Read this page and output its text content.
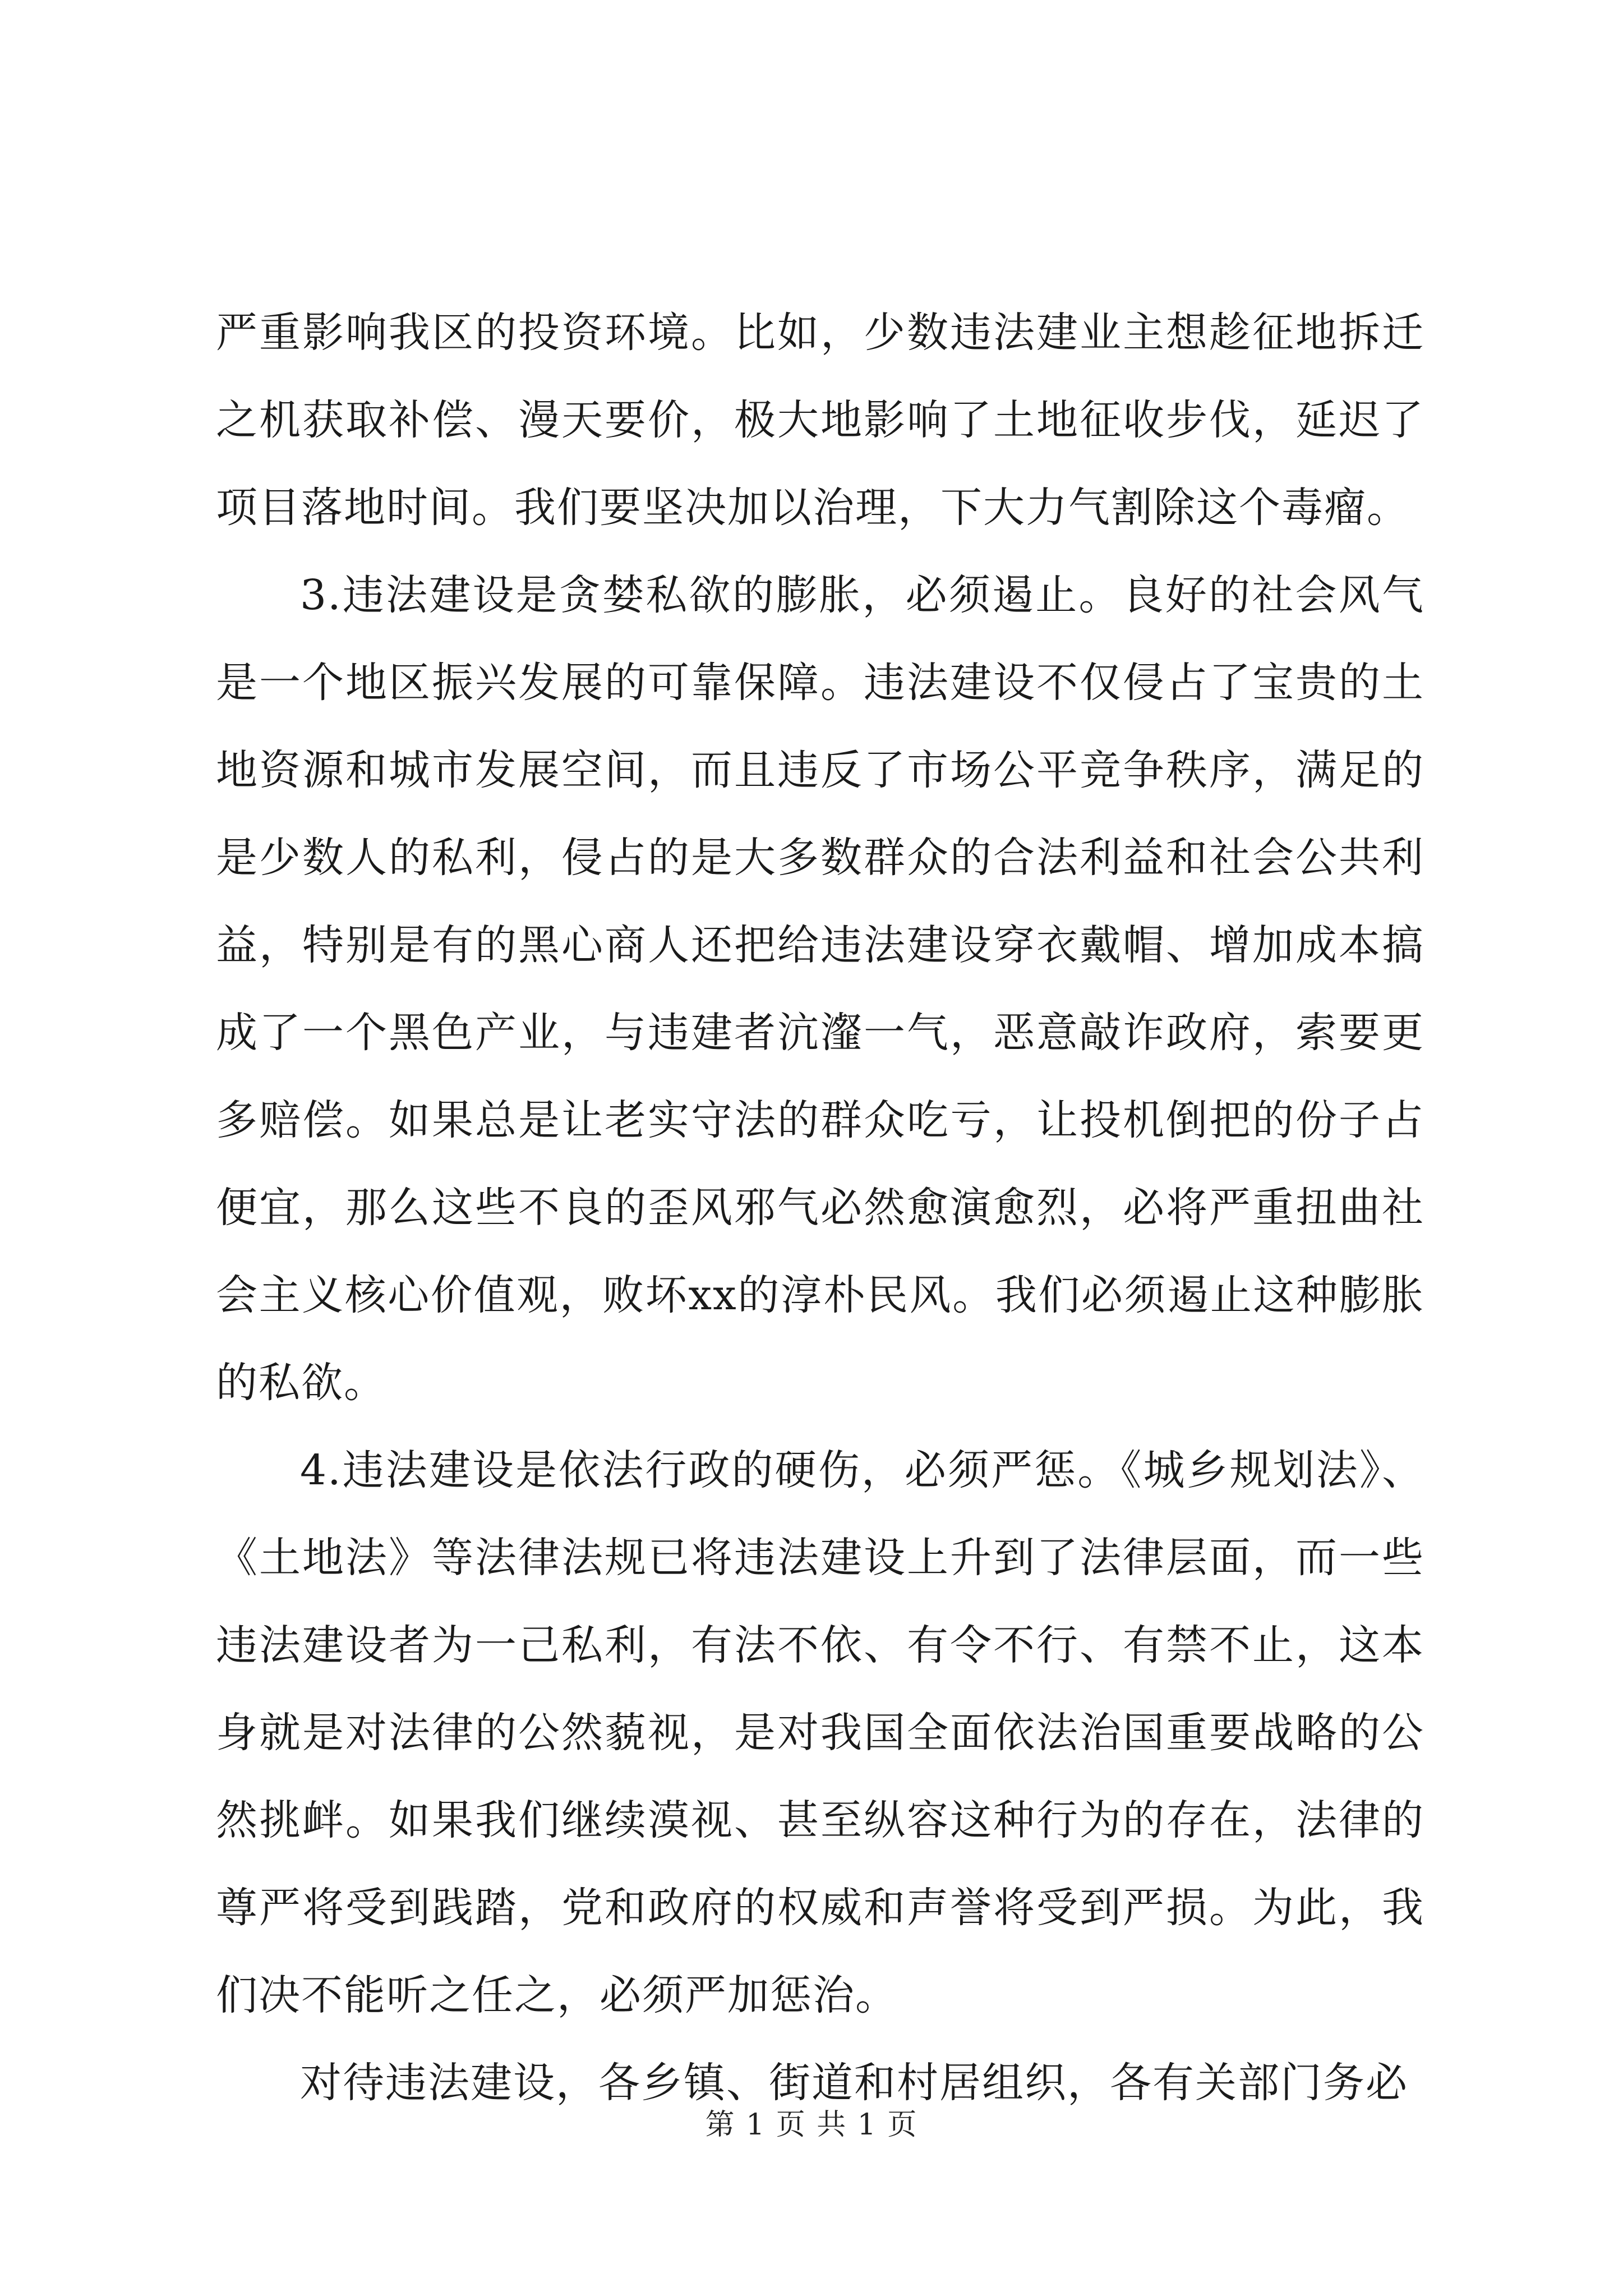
严重影响我区的投资环境。比如，少数违法建业主想趁征地拆迁之机获取补偿、漫天要价，极大地影响了土地征收步伐，延迟了项目落地时间。我们要坚决加以治理，下大力气割除这个毒瘤。

3.违法建设是贪婪私欲的膨胀，必须遏止。良好的社会风气是一个地区振兴发展的可靠保障。违法建设不仅侵占了宝贵的土地资源和城市发展空间，而且违反了市场公平竞争秩序，满足的是少数人的私利，侵占的是大多数群众的合法利益和社会公共利益，特别是有的黑心商人还把给违法建设穿衣戴帽、增加成本搞成了一个黑色产业，与违建者沆瀣一气，恶意敲诈政府，索要更多赔偿。如果总是让老实守法的群众吃亏，让投机倒把的份子占便宜，那么这些不良的歪风邪气必然愈演愈烈，必将严重扭曲社会主义核心价值观，败坏xx的淳朴民风。我们必须遏止这种膨胀的私欲。

4.违法建设是依法行政的硬伤，必须严惩。《城乡规划法》、《土地法》等法律法规已将违法建设上升到了法律层面，而一些违法建设者为一己私利，有法不依、有令不行、有禁不止，这本身就是对法律的公然藐视，是对我国全面依法治国重要战略的公然挑衅。如果我们继续漠视、甚至纵容这种行为的存在，法律的尊严将受到践踏，党和政府的权威和声誉将受到严损。为此，我们决不能听之任之，必须严加惩治。

对待违法建设，各乡镇、街道和村居组织，各有关部门务必

第 1 页 共 1 页
